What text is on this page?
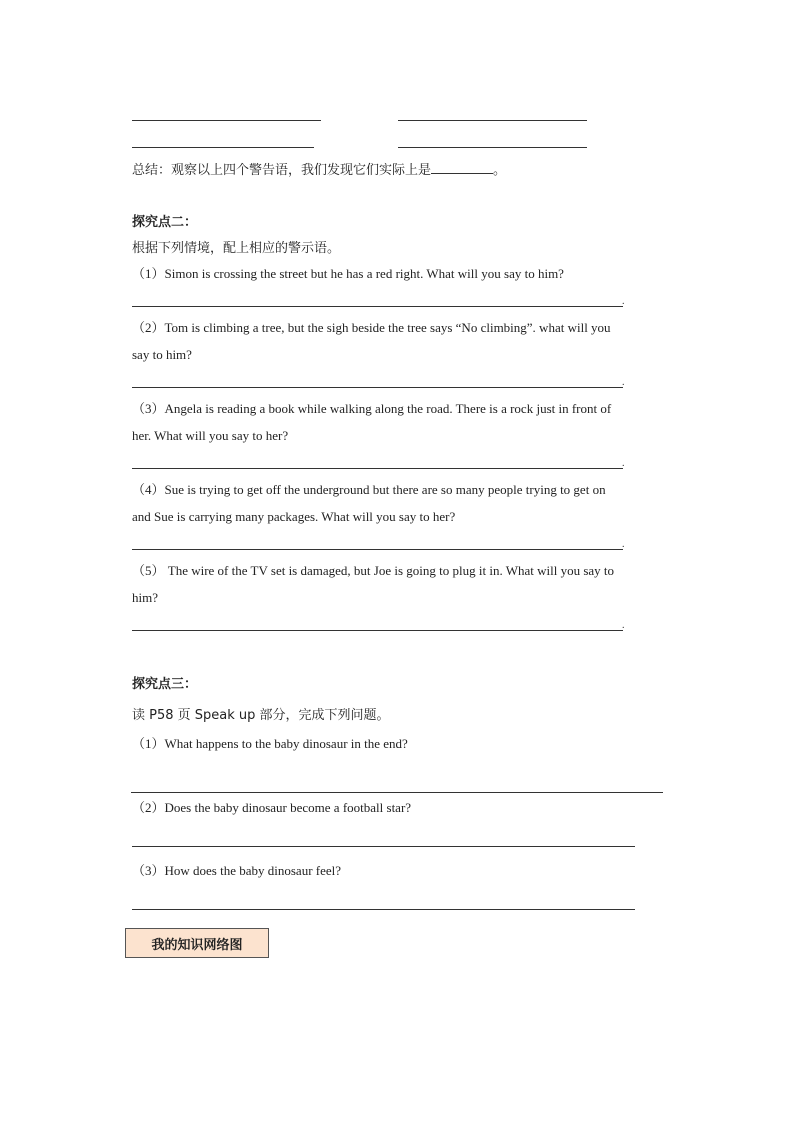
总结：观察以上四个警告语，我们发现它们实际上是	。
探究点二：
根据下列情境，配上相应的警示语。
（1）Simon is crossing the street but he has a red right. What will you say to him?
.
（2）Tom is climbing a tree, but the sigh beside the tree says “No climbing”. what will you
say to him?
.
（3）Angela is reading a book while walking along the road. There is a rock just in front of
her. What will you say to her?
.
（4）Sue is trying to get off the underground but there are so many people trying to get on
and Sue is carrying many packages. What will you say to her?
.
（5） The wire of the TV set is damaged, but Joe is going to plug it in. What will you say to
him?
.
探究点三：
读 P58 页 Speak up 部分，完成下列问题。
（1）What happens to the baby dinosaur in the end?
（2）Does the baby dinosaur become a football star?
（3）How does the baby dinosaur feel?
我的知识网络图
